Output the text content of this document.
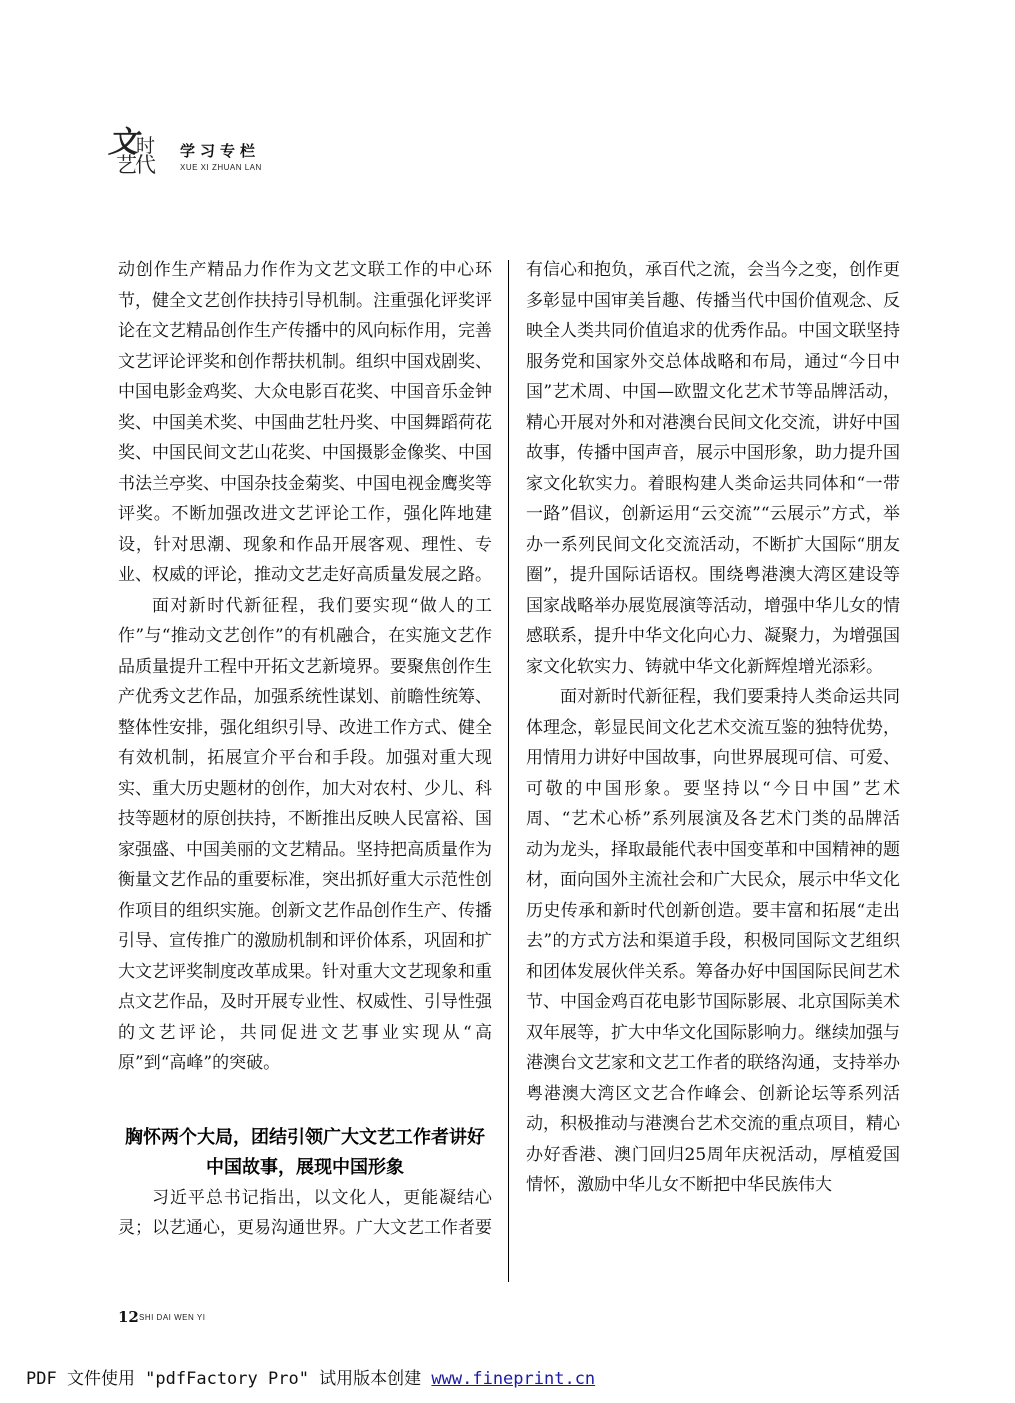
文
时
艺代
学习专栏
XUE XI ZHUAN LAN

动创作生产精品力作作为文艺文联工作的中心环节，健全文艺创作扶持引导机制。注重强化评奖评论在文艺精品创作生产传播中的风向标作用，完善文艺评论评奖和创作帮扶机制。组织中国戏剧奖、中国电影金鸡奖、大众电影百花奖、中国音乐金钟奖、中国美术奖、中国曲艺牡丹奖、中国舞蹈荷花奖、中国民间文艺山花奖、中国摄影金像奖、中国书法兰亭奖、中国杂技金菊奖、中国电视金鹰奖等评奖。不断加强改进文艺评论工作，强化阵地建设，针对思潮、现象和作品开展客观、理性、专业、权威的评论，推动文艺走好高质量发展之路。

面对新时代新征程，我们要实现“做人的工作”与“推动文艺创作”的有机融合，在实施文艺作品质量提升工程中开拓文艺新境界。要聚焦创作生产优秀文艺作品，加强系统性谋划、前瞻性统筹、整体性安排，强化组织引导、改进工作方式、健全有效机制，拓展宣介平台和手段。加强对重大现实、重大历史题材的创作，加大对农村、少儿、科技等题材的原创扶持，不断推出反映人民富裕、国家强盛、中国美丽的文艺精品。坚持把高质量作为衡量文艺作品的重要标准，突出抓好重大示范性创作项目的组织实施。创新文艺作品创作生产、传播引导、宣传推广的激励机制和评价体系，巩固和扩大文艺评奖制度改革成果。针对重大文艺现象和重点文艺作品，及时开展专业性、权威性、引导性强的文艺评论，共同促进文艺事业实现从“高原”到“高峰”的突破。

胸怀两个大局，团结引领广大文艺工作者讲好
中国故事，展现中国形象

习近平总书记指出，以文化人，更能凝结心灵；以艺通心，更易沟通世界。广大文艺工作者要

有信心和抱负，承百代之流，会当今之变，创作更多彰显中国审美旨趣、传播当代中国价值观念、反映全人类共同价值追求的优秀作品。中国文联坚持服务党和国家外交总体战略和布局，通过“今日中国”艺术周、中国—欧盟文化艺术节等品牌活动，精心开展对外和对港澳台民间文化交流，讲好中国故事，传播中国声音，展示中国形象，助力提升国家文化软实力。着眼构建人类命运共同体和“一带一路”倡议，创新运用“云交流”“云展示”方式，举办一系列民间文化交流活动，不断扩大国际“朋友圈”，提升国际话语权。围绕粤港澳大湾区建设等国家战略举办展览展演等活动，增强中华儿女的情感联系，提升中华文化向心力、凝聚力，为增强国家文化软实力、铸就中华文化新辉煌增光添彩。

面对新时代新征程，我们要秉持人类命运共同体理念，彰显民间文化艺术交流互鉴的独特优势，用情用力讲好中国故事，向世界展现可信、可爱、可敬的中国形象。要坚持以“今日中国”艺术周、“艺术心桥”系列展演及各艺术门类的品牌活动为龙头，择取最能代表中国变革和中国精神的题材，面向国外主流社会和广大民众，展示中华文化历史传承和新时代创新创造。要丰富和拓展“走出去”的方式方法和渠道手段，积极同国际文艺组织和团体发展伙伴关系。筹备办好中国国际民间艺术节、中国金鸡百花电影节国际影展、北京国际美术双年展等，扩大中华文化国际影响力。继续加强与港澳台文艺家和文艺工作者的联络沟通，支持举办粤港澳大湾区文艺合作峰会、创新论坛等系列活动，积极推动与港澳台艺术交流的重点项目，精心办好香港、澳门回归25周年庆祝活动，厚植爱国情怀，激励中华儿女不断把中华民族伟大

12 SHI DAI WEN YI
PDF 文件使用 "pdfFactory Pro" 试用版本创建 www.fineprint.cn
